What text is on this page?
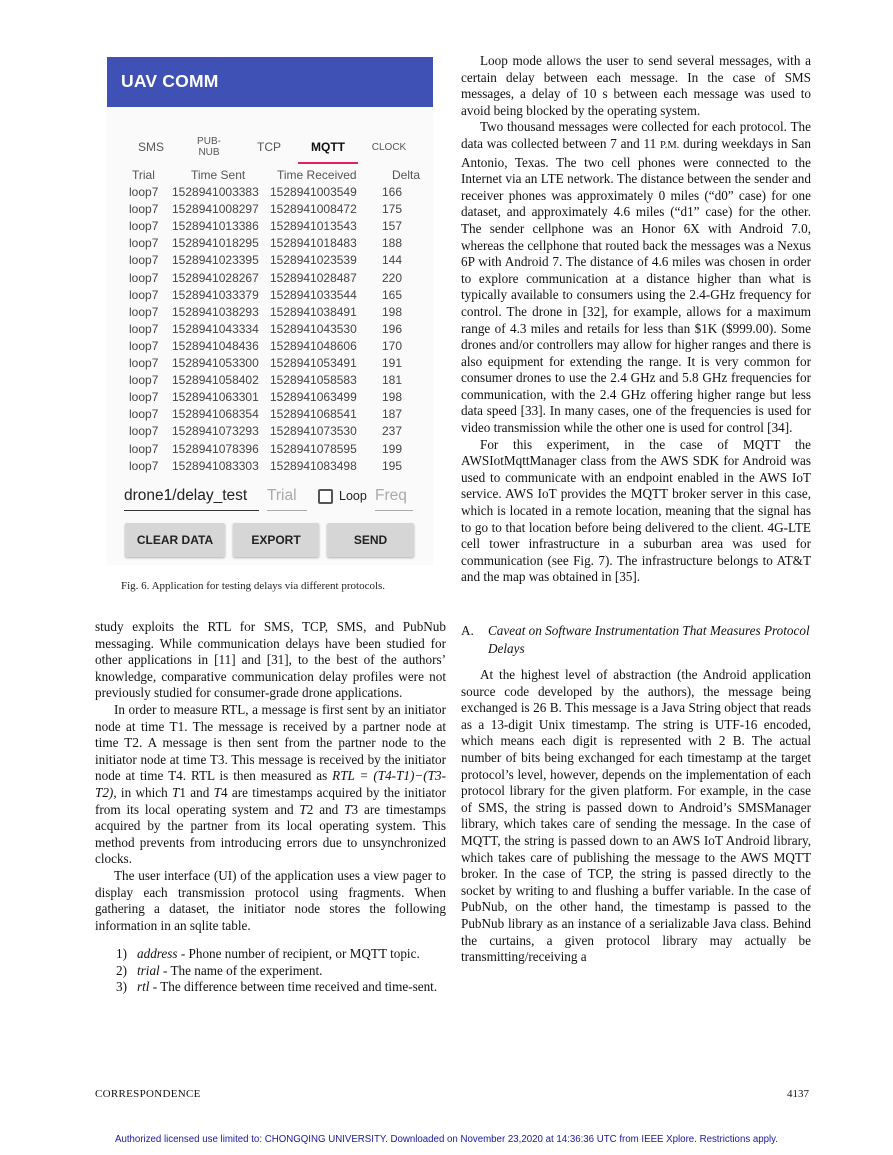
UAV COMM
SMS	PUB-
NUB	TCP	MQTT	CLOCK
Trial	Time Sent	Time Received	Delta
loop7 1528941003383 1528941003549 166
loop7 1528941008297 1528941008472 175
loop7 1528941013386 1528941013543 157
loop7 1528941018295 1528941018483 188
loop7 1528941023395 1528941023539 144
loop7 1528941028267 1528941028487 220
loop7 1528941033379 1528941033544 165
loop7 1528941038293 1528941038491 198
loop7 1528941043334 1528941043530 196
loop7 1528941048436 1528941048606 170
loop7 1528941053300 1528941053491 191
loop7 1528941058402 1528941058583 181
loop7 1528941063301 1528941063499 198
loop7 1528941068354 1528941068541 187
loop7 1528941073293 1528941073530 237
loop7 1528941078396 1528941078595 199
loop7 1528941083303 1528941083498 195
drone1/delay_test	Trial	Loop Freq
CLEAR DATA	EXPORT	SEND
Fig. 6. Application for testing delays via different protocols.

study exploits the RTL for SMS, TCP, SMS, and PubNub messaging. While communication delays have been studied for other applications in [11] and [31], to the best of the authors’ knowledge, comparative communication delay profiles were not previously studied for consumer-grade drone applications.

In order to measure RTL, a message is first sent by an initiator node at time T1. The message is received by a partner node at time T2. A message is then sent from the partner node to the initiator node at time T3. This message is received by the initiator node at time T4. RTL is then measured as RTL = (T4-T1)−(T3-T2), in which T1 and T4 are timestamps acquired by the initiator from its local operating system and T2 and T3 are timestamps acquired by the partner from its local operating system. This method prevents from introducing errors due to unsynchronized clocks.

The user interface (UI) of the application uses a view pager to display each transmission protocol using fragments. When gathering a dataset, the initiator node stores the following information in an sqlite table.

1) address - Phone number of recipient, or MQTT topic.
2) trial - The name of the experiment.
3) rtl - The difference between time received and time-sent.

Loop mode allows the user to send several messages, with a certain delay between each message. In the case of SMS messages, a delay of 10 s between each message was used to avoid being blocked by the operating system.

Two thousand messages were collected for each protocol. The data was collected between 7 and 11 P.M. during weekdays in San Antonio, Texas. The two cell phones were connected to the Internet via an LTE network. The distance between the sender and receiver phones was approximately 0 miles (“d0” case) for one dataset, and approximately 4.6 miles (“d1” case) for the other. The sender cellphone was an Honor 6X with Android 7.0, whereas the cellphone that routed back the messages was a Nexus 6P with Android 7. The distance of 4.6 miles was chosen in order to explore communication at a distance higher than what is typically available to consumers using the 2.4-GHz frequency for control. The drone in [32], for example, allows for a maximum range of 4.3 miles and retails for less than $1K ($999.00). Some drones and/or controllers may allow for higher ranges and there is also equipment for extending the range. It is very common for consumer drones to use the 2.4 GHz and 5.8 GHz frequencies for communication, with the 2.4 GHz offering higher range but less data speed [33]. In many cases, one of the frequencies is used for video transmission while the other one is used for control [34].

For this experiment, in the case of MQTT the AWSIotMqttManager class from the AWS SDK for Android was used to communicate with an endpoint enabled in the AWS IoT service. AWS IoT provides the MQTT broker server in this case, which is located in a remote location, meaning that the signal has to go to that location before being delivered to the client. 4G-LTE cell tower infrastructure in a suburban area was used for communication (see Fig. 7). The infrastructure belongs to AT&T and the map was obtained in [35].

A. Caveat on Software Instrumentation That Measures Protocol Delays

At the highest level of abstraction (the Android application source code developed by the authors), the message being exchanged is 26 B. This message is a Java String object that reads as a 13-digit Unix timestamp. The string is UTF-16 encoded, which means each digit is represented with 2 B. The actual number of bits being exchanged for each timestamp at the target protocol’s level, however, depends on the implementation of each protocol library for the given platform. For example, in the case of SMS, the string is passed down to Android’s SMSManager library, which takes care of sending the message. In the case of MQTT, the string is passed down to an AWS IoT Android library, which takes care of publishing the message to the AWS MQTT broker. In the case of TCP, the string is passed directly to the socket by writing to and flushing a buffer variable. In the case of PubNub, on the other hand, the timestamp is passed to the PubNub library as an instance of a serializable Java class. Behind the curtains, a given protocol library may actually be transmitting/receiving a

CORRESPONDENCE	4137
Authorized licensed use limited to: CHONGQING UNIVERSITY. Downloaded on November 23,2020 at 14:36:36 UTC from IEEE Xplore. Restrictions apply.
